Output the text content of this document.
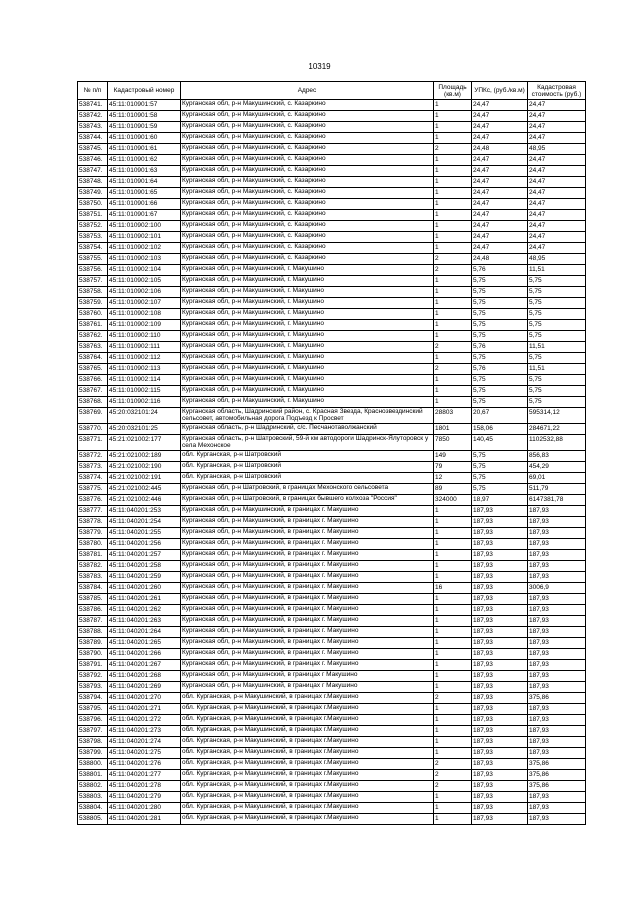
10319
№ п/п	Кадастровый номер	Адрес	Площадь (кв.м)	УПКс, (руб./кв.м)	Кадастровая стоимость (руб.)
538741.	45:11:010901:57	Курганская обл, р-н Макушинский, с. Казаркино	1	24,47	24,47
538742.	45:11:010901:58	Курганская обл, р-н Макушинский, с. Казаркино	1	24,47	24,47
538743.	45:11:010901:59	Курганская обл, р-н Макушинский, с. Казаркино	1	24,47	24,47
538744.	45:11:010901:60	Курганская обл, р-н Макушинский, с. Казаркино	1	24,47	24,47
538745.	45:11:010901:61	Курганская обл, р-н Макушинский, с. Казаркино	2	24,48	48,95
538746.	45:11:010901:62	Курганская обл, р-н Макушинский, с. Казаркино	1	24,47	24,47
538747.	45:11:010901:63	Курганская обл, р-н Макушинский, с. Казаркино	1	24,47	24,47
538748.	45:11:010901:64	Курганская обл, р-н Макушинский, с. Казаркино	1	24,47	24,47
538749.	45:11:010901:65	Курганская обл, р-н Макушинский, с. Казаркино	1	24,47	24,47
538750.	45:11:010901:66	Курганская обл, р-н Макушинский, с. Казаркино	1	24,47	24,47
538751.	45:11:010901:67	Курганская обл, р-н Макушинский, с. Казаркино	1	24,47	24,47
538752.	45:11:010902:100	Курганская обл, р-н Макушинский, с. Казаркино	1	24,47	24,47
538753.	45:11:010902:101	Курганская обл, р-н Макушинский, с. Казаркино	1	24,47	24,47
538754.	45:11:010902:102	Курганская обл, р-н Макушинский, с. Казаркино	1	24,47	24,47
538755.	45:11:010902:103	Курганская обл, р-н Макушинский, с. Казаркино	2	24,48	48,95
538756.	45:11:010902:104	Курганская обл, р-н Макушинский, г. Макушино	2	5,76	11,51
538757.	45:11:010902:105	Курганская обл, р-н Макушинский, г. Макушино	1	5,75	5,75
538758.	45:11:010902:106	Курганская обл, р-н Макушинский, г. Макушино	1	5,75	5,75
538759.	45:11:010902:107	Курганская обл, р-н Макушинский, г. Макушино	1	5,75	5,75
538760.	45:11:010902:108	Курганская обл, р-н Макушинский, г. Макушино	1	5,75	5,75
538761.	45:11:010902:109	Курганская обл, р-н Макушинский, г. Макушино	1	5,75	5,75
538762.	45:11:010902:110	Курганская обл, р-н Макушинский, г. Макушино	1	5,75	5,75
538763.	45:11:010902:111	Курганская обл, р-н Макушинский, г. Макушино	2	5,76	11,51
538764.	45:11:010902:112	Курганская обл, р-н Макушинский, г. Макушино	1	5,75	5,75
538765.	45:11:010902:113	Курганская обл, р-н Макушинский, г. Макушино	2	5,76	11,51
538766.	45:11:010902:114	Курганская обл, р-н Макушинский, г. Макушино	1	5,75	5,75
538767.	45:11:010902:115	Курганская обл, р-н Макушинский, г. Макушино	1	5,75	5,75
538768.	45:11:010902:116	Курганская обл, р-н Макушинский, г. Макушино	1	5,75	5,75
538769.	45:20:032101:24	Курганская область, Шадринский район, с. Красная Звезда, Краснозвездинский сельсовет, автомобильная дорога Подъезд к Просвет	28803	20,67	595314,12
538770.	45:20:032101:25	Курганская область, р-н Шадринский, с/с. Песчанотаволжанский	1801	158,06	284671,22
538771.	45:21:021002:177	Курганская область, р-н Шатровский, 59-й км автодороги Шадринск-Ялуторовск у села Мехонское	7850	140,45	1102532,88
538772.	45:21:021002:189	обл. Курганская, р-н Шатровский	149	5,75	856,83
538773.	45:21:021002:190	обл. Курганская, р-н Шатровский	79	5,75	454,29
538774.	45:21:021002:191	обл. Курганская, р-н Шатровский	12	5,75	69,01
538775.	45:21:021002:445	Курганская обл, р-н Шатровский, в границах Мехонского сельсовета	89	5,75	511,79
538776.	45:21:021002:446	Курганская обл, р-н Шатровский, в границах бывшего колхоза "Россия"	324000	18,97	6147381,78
538777.	45:11:040201:253	Курганская обл, р-н Макушинский, в границах г. Макушино	1	187,93	187,93
538778.	45:11:040201:254	Курганская обл, р-н Макушинский, в границах г. Макушино	1	187,93	187,93
538779.	45:11:040201:255	Курганская обл, р-н Макушинский, в границах г. Макушино	1	187,93	187,93
538780.	45:11:040201:256	Курганская обл, р-н Макушинский, в границах г. Макушино	1	187,93	187,93
538781.	45:11:040201:257	Курганская обл, р-н Макушинский, в границах г. Макушино	1	187,93	187,93
538782.	45:11:040201:258	Курганская обл, р-н Макушинский, в границах г. Макушино	1	187,93	187,93
538783.	45:11:040201:259	Курганская обл, р-н Макушинский, в границах г. Макушино	1	187,93	187,93
538784.	45:11:040201:260	Курганская обл, р-н Макушинский, в границах г. Макушино	16	187,93	3006,9
538785.	45:11:040201:261	Курганская обл, р-н Макушинский, в границах г. Макушино	1	187,93	187,93
538786.	45:11:040201:262	Курганская обл, р-н Макушинский, в границах г. Макушино	1	187,93	187,93
538787.	45:11:040201:263	Курганская обл, р-н Макушинский, в границах г. Макушино	1	187,93	187,93
538788.	45:11:040201:264	Курганская обл, р-н Макушинский, в границах г. Макушино	1	187,93	187,93
538789.	45:11:040201:265	Курганская обл, р-н Макушинский, в границах г. Макушино	1	187,93	187,93
538790.	45:11:040201:266	Курганская обл, р-н Макушинский, в границах г. Макушино	1	187,93	187,93
538791.	45:11:040201:267	Курганская обл, р-н Макушинский, в границах г. Макушино	1	187,93	187,93
538792.	45:11:040201:268	Курганская обл, р-н Макушинский, в границах г Макушино	1	187,93	187,93
538793.	45:11:040201:269	Курганская обл, р-н Макушинский, в границах г Макушино	1	187,93	187,93
538794.	45:11:040201:270	обл. Курганская, р-н Макушинский, в границах г.Макушино	2	187,93	375,86
538795.	45:11:040201:271	обл. Курганская, р-н Макушинский, в границах г.Макушино	1	187,93	187,93
538796.	45:11:040201:272	обл. Курганская, р-н Макушинский, в границах г.Макушино	1	187,93	187,93
538797.	45:11:040201:273	обл. Курганская, р-н Макушинский, в границах г.Макушино	1	187,93	187,93
538798.	45:11:040201:274	обл. Курганская, р-н Макушинский, в границах г.Макушино	1	187,93	187,93
538799.	45:11:040201:275	обл. Курганская, р-н Макушинский, в границах г.Макушино	1	187,93	187,93
538800.	45:11:040201:276	обл. Курганская, р-н Макушинский, в границах г.Макушино	2	187,93	375,86
538801.	45:11:040201:277	обл. Курганская, р-н Макушинский, в границах г.Макушино	2	187,93	375,86
538802.	45:11:040201:278	обл. Курганская, р-н Макушинский, в границах г.Макушино	2	187,93	375,86
538803.	45:11:040201:279	обл. Курганская, р-н Макушинский, в границах г.Макушино	1	187,93	187,93
538804.	45:11:040201:280	обл. Курганская, р-н Макушинский, в границах г.Макушино	1	187,93	187,93
538805.	45:11:040201:281	обл. Курганская, р-н Макушинский, в границах г.Макушино	1	187,93	187,93
